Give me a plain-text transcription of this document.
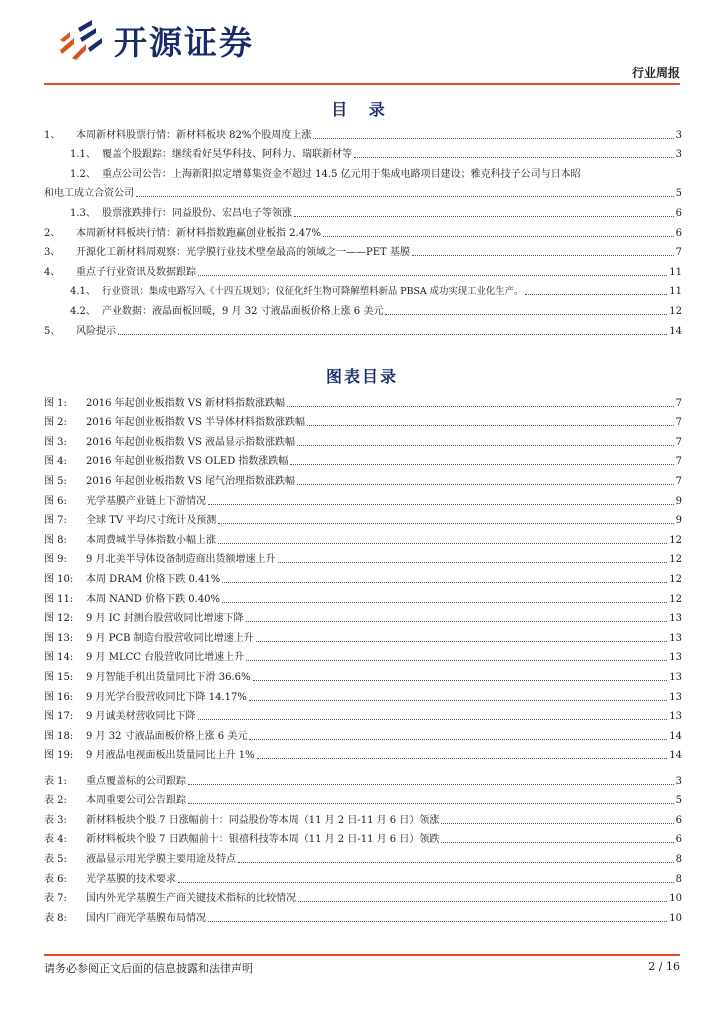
开源证券
行业周报
目 录
1、	本周新材料股票行情：新材料板块 82%个股周度上涨	3
1.1、 覆盖个股跟踪：继续看好昊华科技、阿科力、瑞联新材等	3
1.2、 重点公司公告：上海新阳拟定增募集资金不超过 14.5 亿元用于集成电路项目建设；雅克科技子公司与日本昭
和电工成立合资公司	5
1.3、 股票涨跌排行：同益股份、宏昌电子等领涨	6
2、	本周新材料板块行情：新材料指数跑赢创业板指 2.47%	6
3、	开源化工新材料周观察：光学膜行业技术壁垒最高的领域之一——PET 基膜	7
4、	重点子行业资讯及数据跟踪	11
4.1、 行业资讯：集成电路写入《十四五规划》；仪征化纤生物可降解塑料新品 PBSA 成功实现工业化生产。	11
4.2、 产业数据：液晶面板回暖，9 月 32 寸液晶面板价格上涨 6 美元	12
5、	风险提示	14
图表目录
图 1:	2016 年起创业板指数 VS 新材料指数涨跌幅	7
图 2:	2016 年起创业板指数 VS 半导体材料指数涨跌幅	7
图 3:	2016 年起创业板指数 VS 液晶显示指数涨跌幅	7
图 4:	2016 年起创业板指数 VS OLED 指数涨跌幅	7
图 5:	2016 年起创业板指数 VS 尾气治理指数涨跌幅	7
图 6:	光学基膜产业链上下游情况	9
图 7:	全球 TV 平均尺寸统计及预测	9
图 8:	本周费城半导体指数小幅上涨	12
图 9:	9 月北美半导体设备制造商出货额增速上升	12
图 10:	本周 DRAM 价格下跌 0.41%	12
图 11:	本周 NAND 价格下跌 0.40%	12
图 12:	9 月 IC 封测台股营收同比增速下降	13
图 13:	9 月 PCB 制造台股营收同比增速上升	13
图 14:	9 月 MLCC 台股营收同比增速上升	13
图 15:	9 月智能手机出货量同比下滑 36.6%	13
图 16:	9 月光学台股营收同比下降 14.17%	13
图 17:	9 月诚美材营收同比下降	13
图 18:	9 月 32 寸液晶面板价格上涨 6 美元	14
图 19:	9 月液晶电视面板出货量同比上升 1%	14
表 1:	重点覆盖标的公司跟踪	3
表 2:	本周重要公司公告跟踪	5
表 3:	新材料板块个股 7 日涨幅前十：同益股份等本周（11 月 2 日-11 月 6 日）领涨	6
表 4:	新材料板块个股 7 日跌幅前十：银禧科技等本周（11 月 2 日-11 月 6 日）领跌	6
表 5:	液晶显示用光学膜主要用途及特点	8
表 6:	光学基膜的技术要求	8
表 7:	国内外光学基膜生产商关键技术指标的比较情况	10
表 8:	国内厂商光学基膜布局情况	10
请务必参阅正文后面的信息披露和法律声明	2 / 16
